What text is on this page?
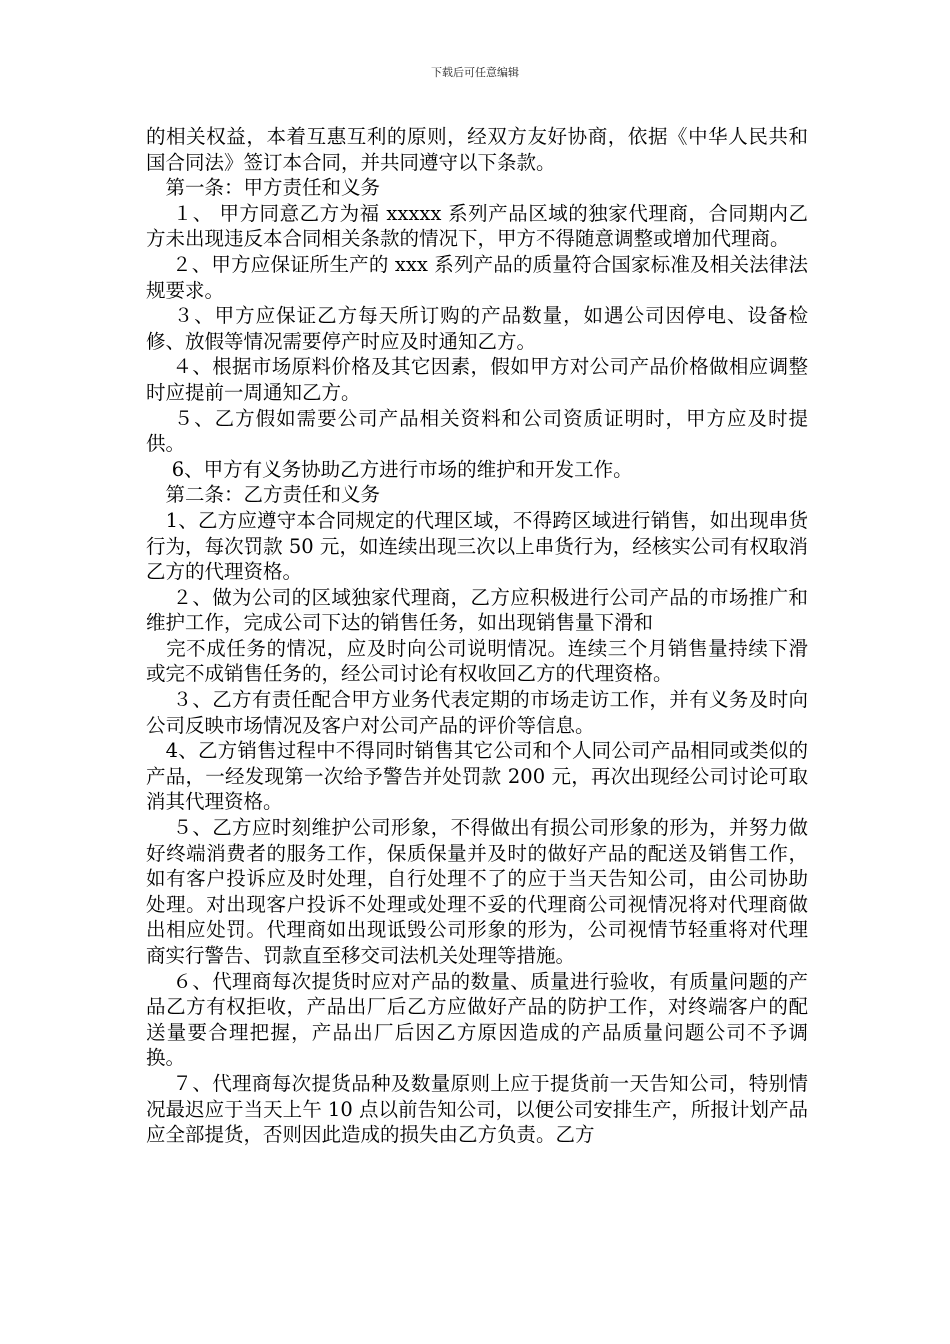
下载后可任意编辑

的相关权益，本着互惠互利的原则，经双方友好协商，依据《中华人民共和国合同法》签订本合同，并共同遵守以下条款。

　第一条：甲方责任和义务

　 １、 甲方同意乙方为福 xxxxx 系列产品区域的独家代理商，合同期内乙方未出现违反本合同相关条款的情况下，甲方不得随意调整或增加代理商。

　 ２、甲方应保证所生产的 xxx 系列产品的质量符合国家标准及相关法律法规要求。

　 ３、甲方应保证乙方每天所订购的产品数量，如遇公司因停电、设备检修、放假等情况需要停产时应及时通知乙方。

　 ４、根据市场原料价格及其它因素，假如甲方对公司产品价格做相应调整时应提前一周通知乙方。

　 ５、乙方假如需要公司产品相关资料和公司资质证明时，甲方应及时提供。

　 6、甲方有义务协助乙方进行市场的维护和开发工作。

　第二条：乙方责任和义务

　1、乙方应遵守本合同规定的代理区域，不得跨区域进行销售，如出现串货行为，每次罚款 50 元，如连续出现三次以上串货行为，经核实公司有权取消乙方的代理资格。

　 ２、做为公司的区域独家代理商，乙方应积极进行公司产品的市场推广和维护工作，完成公司下达的销售任务，如出现销售量下滑和

　完不成任务的情况，应及时向公司说明情况。连续三个月销售量持续下滑或完不成销售任务的，经公司讨论有权收回乙方的代理资格。

　 ３、乙方有责任配合甲方业务代表定期的市场走访工作，并有义务及时向公司反映市场情况及客户对公司产品的评价等信息。

　4、乙方销售过程中不得同时销售其它公司和个人同公司产品相同或类似的产品，一经发现第一次给予警告并处罚款 200 元，再次出现经公司讨论可取消其代理资格。

　 ５、乙方应时刻维护公司形象，不得做出有损公司形象的形为，并努力做好终端消费者的服务工作，保质保量并及时的做好产品的配送及销售工作，如有客户投诉应及时处理，自行处理不了的应于当天告知公司，由公司协助处理。对出现客户投诉不处理或处理不妥的代理商公司视情况将对代理商做出相应处罚。代理商如出现诋毁公司形象的形为，公司视情节轻重将对代理商实行警告、罚款直至移交司法机关处理等措施。

　 ６、代理商每次提货时应对产品的数量、质量进行验收，有质量问题的产品乙方有权拒收，产品出厂后乙方应做好产品的防护工作，对终端客户的配送量要合理把握，产品出厂后因乙方原因造成的产品质量问题公司不予调换。

　 ７、代理商每次提货品种及数量原则上应于提货前一天告知公司，特别情况最迟应于当天上午 10 点以前告知公司，以便公司安排生产，所报计划产品应全部提货，否则因此造成的损失由乙方负责。乙方
